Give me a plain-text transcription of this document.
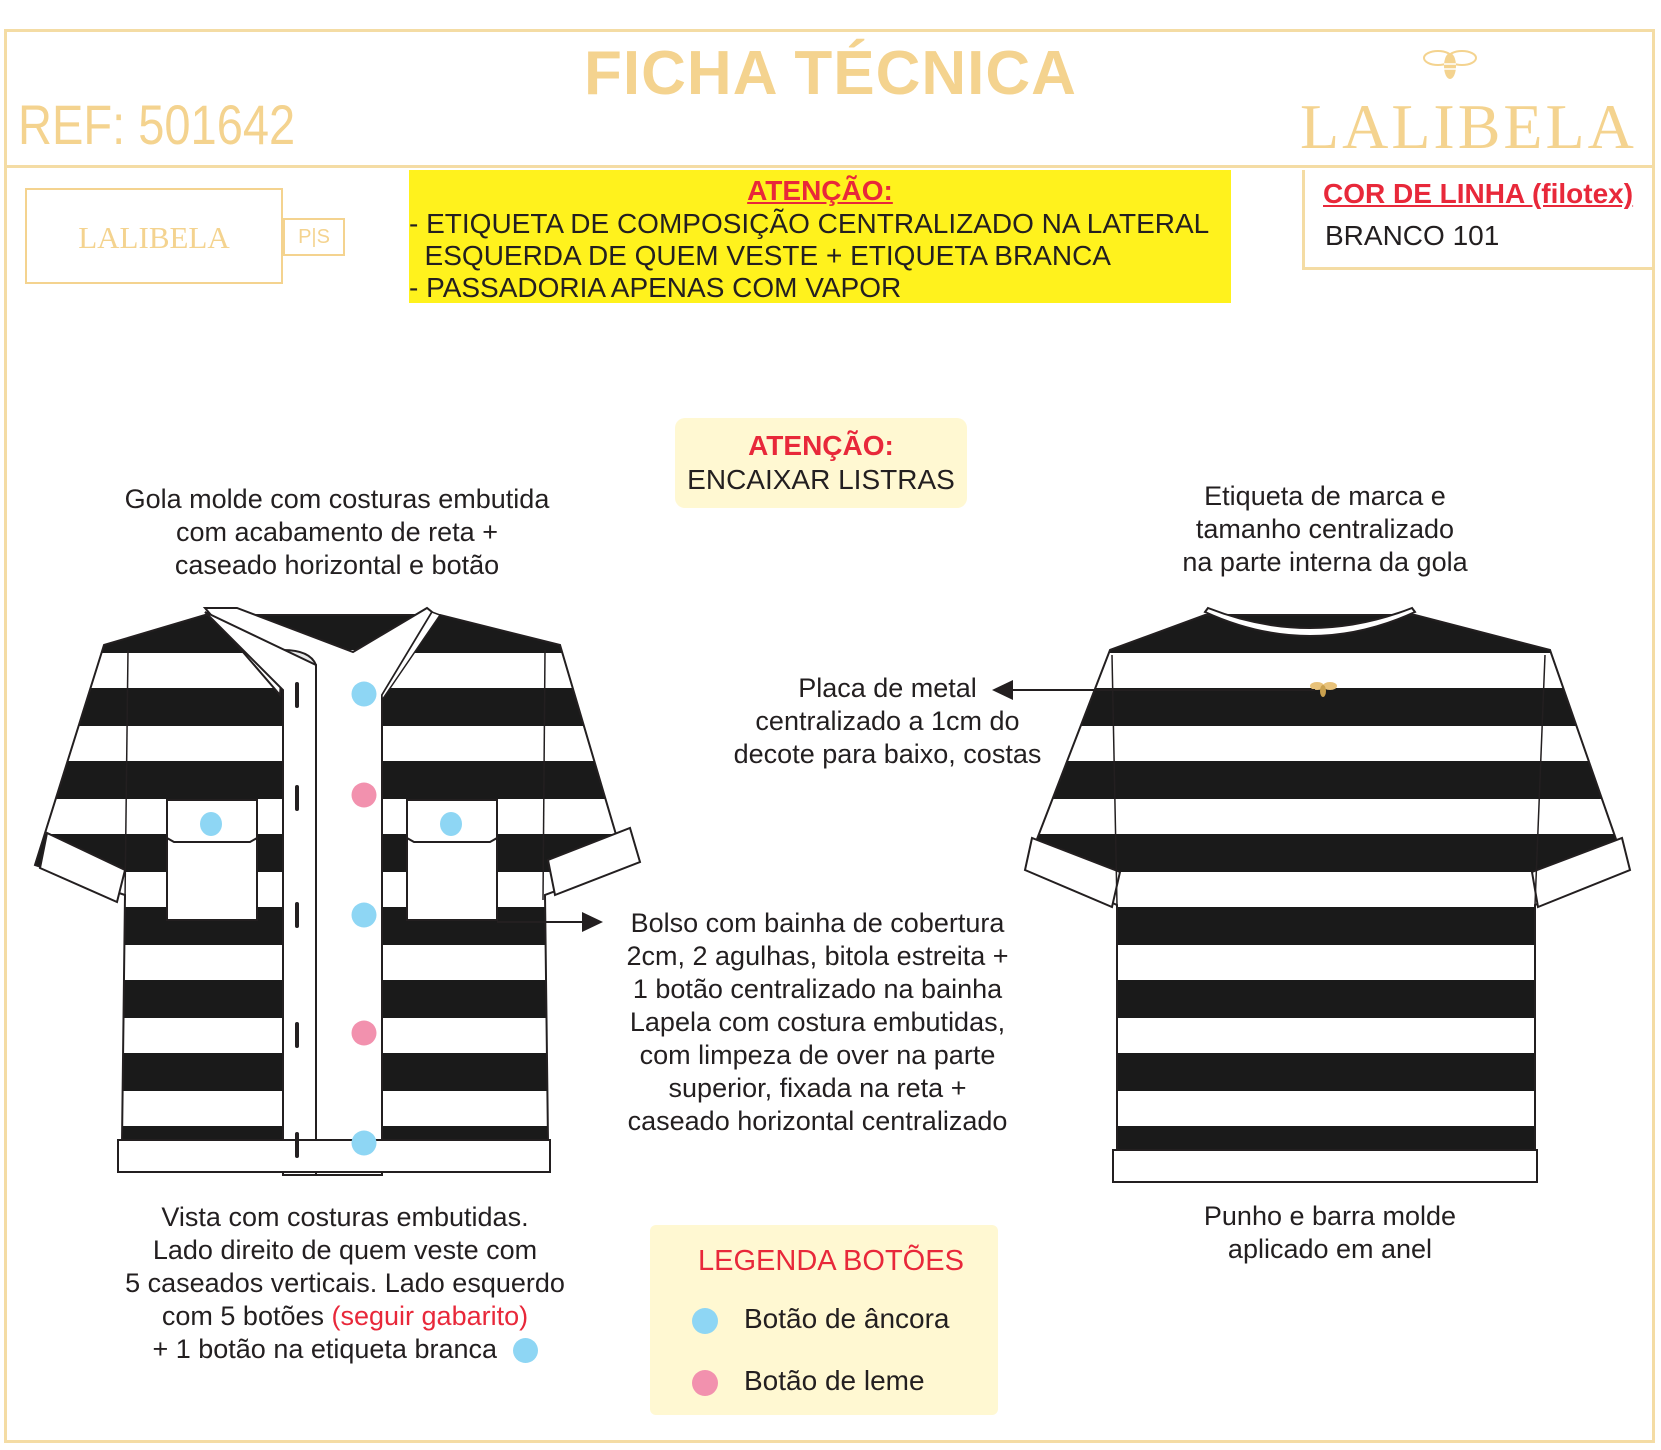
FICHA TÉCNICA
REF: 501642	LALIBELA
LALIBELA	P|S
ATENÇÃO:
- ETIQUETA DE COMPOSIÇÃO CENTRALIZADO NA LATERAL
ESQUERDA DE QUEM VESTE + ETIQUETA BRANCA
- PASSADORIA APENAS COM VAPOR
COR DE LINHA (filotex)
BRANCO 101
ATENÇÃO:
ENCAIXAR LISTRAS
Gola molde com costuras embutida
com acabamento de reta +
caseado horizontal e botão
Etiqueta de marca e
tamanho centralizado
na parte interna da gola
Placa de metal
centralizado a 1cm do
decote para baixo, costas
Bolso com bainha de cobertura
2cm, 2 agulhas, bitola estreita +
1 botão centralizado na bainha
Lapela com costura embutidas,
com limpeza de over na parte
superior, fixada na reta +
caseado horizontal centralizado
Vista com costuras embutidas.
Lado direito de quem veste com
5 caseados verticais. Lado esquerdo
com 5 botões (seguir gabarito)
+ 1 botão na etiqueta branca
Punho e barra molde
aplicado em anel
LEGENDA BOTÕES
Botão de âncora
Botão de leme
